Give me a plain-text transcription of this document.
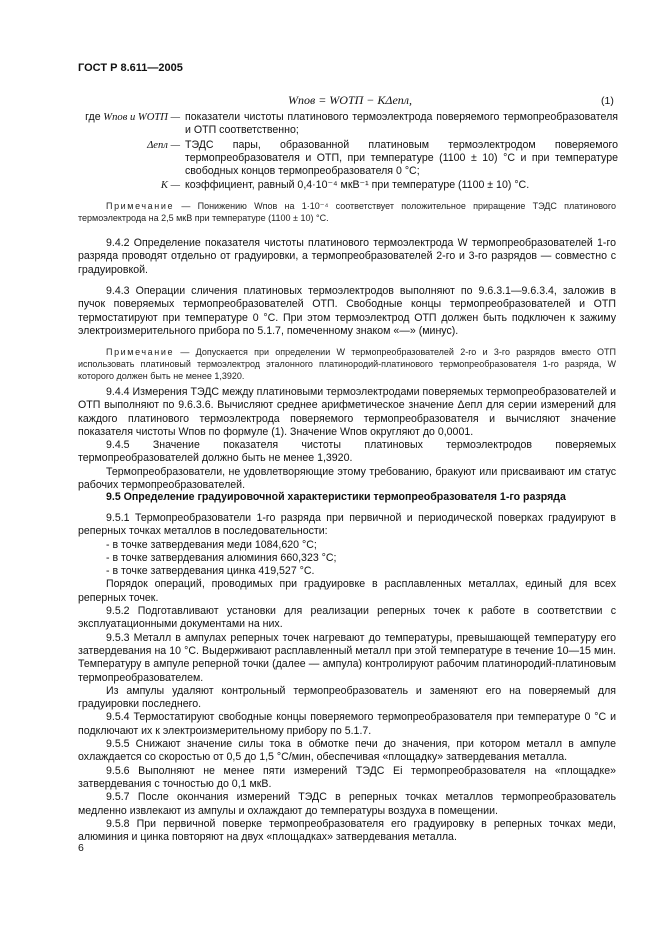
ГОСТ Р 8.611—2005
Wпов = WОТП − KΔeпл,	(1)
где Wпов и WОТП — показатели чистоты платинового термоэлектрода поверяемого термопреобразователя и ОТП соответственно;
Δeпл — ТЭДС пары, образованной платиновым термоэлектродом поверяемого термопреобразователя и ОТП, при температуре (1100 ± 10) °С и при температуре свободных концов термопреобразователя 0 °С;
K — коэффициент, равный 0,4·10⁻⁴ мкВ⁻¹ при температуре (1100 ± 10) °С.

Примечание — Понижению Wпов на 1·10⁻⁴ соответствует положительное приращение ТЭДС платинового термоэлектрода на 2,5 мкВ при температуре (1100 ± 10) °С.

9.4.2 Определение показателя чистоты платинового термоэлектрода W термопреобразователей 1-го разряда проводят отдельно от градуировки, а термопреобразователей 2-го и 3-го разрядов — совместно с градуировкой.

9.4.3 Операции сличения платиновых термоэлектродов выполняют по 9.6.3.1—9.6.3.4, заложив в пучок поверяемых термопреобразователей ОТП. Свободные концы термопреобразователей и ОТП термостатируют при температуре 0 °С. При этом термоэлектрод ОТП должен быть подключен к зажиму электроизмерительного прибора по 5.1.7, помеченному знаком «—» (минус).

Примечание — Допускается при определении W термопреобразователей 2-го и 3-го разрядов вместо ОТП использовать платиновый термоэлектрод эталонного платинородий-платинового термопреобразователя 1-го разряда, W которого должен быть не менее 1,3920.

9.4.4 Измерения ТЭДС между платиновыми термоэлектродами поверяемых термопреобразователей и ОТП выполняют по 9.6.3.6. Вычисляют среднее арифметическое значение Δeпл для серии измерений для каждого платинового термоэлектрода поверяемого термопреобразователя и вычисляют значение показателя чистоты Wпов по формуле (1). Значение Wпов округляют до 0,0001.

9.4.5 Значение показателя чистоты платиновых термоэлектродов поверяемых термопреобразователей должно быть не менее 1,3920.

Термопреобразователи, не удовлетворяющие этому требованию, бракуют или присваивают им статус рабочих термопреобразователей.

9.5 Определение градуировочной характеристики термопреобразователя 1-го разряда

9.5.1 Термопреобразователи 1-го разряда при первичной и периодической поверках градуируют в реперных точках металлов в последовательности:

- в точке затвердевания меди 1084,620 °С;

- в точке затвердевания алюминия 660,323 °С;

- в точке затвердевания цинка 419,527 °С.

Порядок операций, проводимых при градуировке в расплавленных металлах, единый для всех реперных точек.

9.5.2 Подготавливают установки для реализации реперных точек к работе в соответствии с эксплуатационными документами на них.

9.5.3 Металл в ампулах реперных точек нагревают до температуры, превышающей температуру его затвердевания на 10 °С. Выдерживают расплавленный металл при этой температуре в течение 10—15 мин. Температуру в ампуле реперной точки (далее — ампула) контролируют рабочим платинородий-платиновым термопреобразователем.

Из ампулы удаляют контрольный термопреобразователь и заменяют его на поверяемый для градуировки последнего.

9.5.4 Термостатируют свободные концы поверяемого термопреобразователя при температуре 0 °С и подключают их к электроизмерительному прибору по 5.1.7.

9.5.5 Снижают значение силы тока в обмотке печи до значения, при котором металл в ампуле охлаждается со скоростью от 0,5 до 1,5 °С/мин, обеспечивая «площадку» затвердевания металла.

9.5.6 Выполняют не менее пяти измерений ТЭДС Ei термопреобразователя на «площадке» затвердевания с точностью до 0,1 мкВ.

9.5.7 После окончания измерений ТЭДС в реперных точках металлов термопреобразователь медленно извлекают из ампулы и охлаждают до температуры воздуха в помещении.

9.5.8 При первичной поверке термопреобразователя его градуировку в реперных точках меди, алюминия и цинка повторяют на двух «площадках» затвердевания металла.

6
